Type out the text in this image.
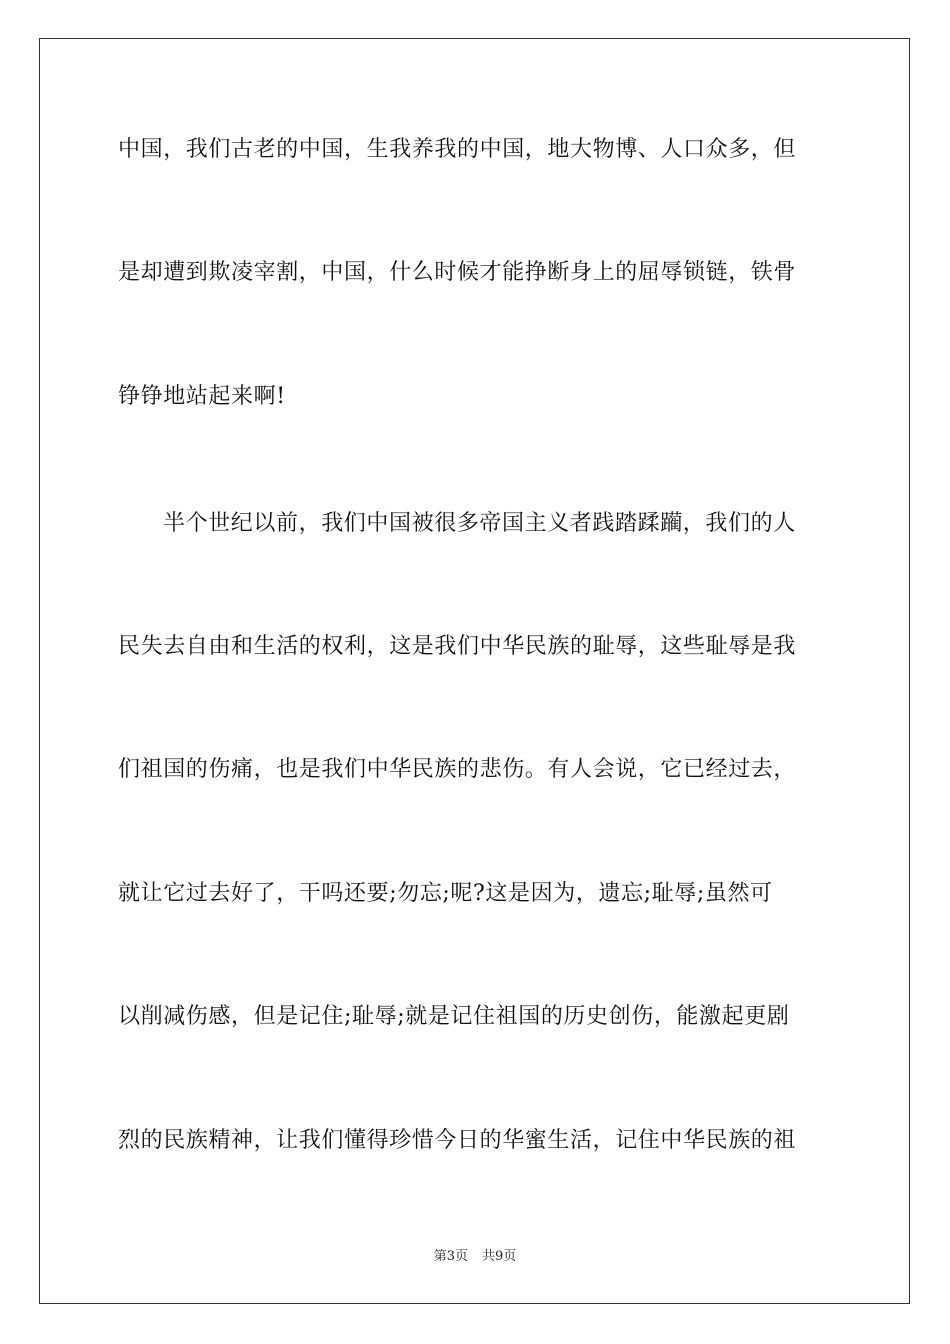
中国，我们古老的中国，生我养我的中国，地大物博、人口众多，但
是却遭到欺凌宰割，中国，什么时候才能挣断身上的屈辱锁链，铁骨
铮铮地站起来啊!
半个世纪以前，我们中国被很多帝国主义者践踏蹂躏，我们的人
民失去自由和生活的权利，这是我们中华民族的耻辱，这些耻辱是我
们祖国的伤痛，也是我们中华民族的悲伤。有人会说，它已经过去，
就让它过去好了，干吗还要;勿忘;呢?这是因为，遗忘;耻辱;虽然可
以削减伤感，但是记住;耻辱;就是记住祖国的历史创伤，能激起更剧
烈的民族精神，让我们懂得珍惜今日的华蜜生活，记住中华民族的祖
第3页 共9页
